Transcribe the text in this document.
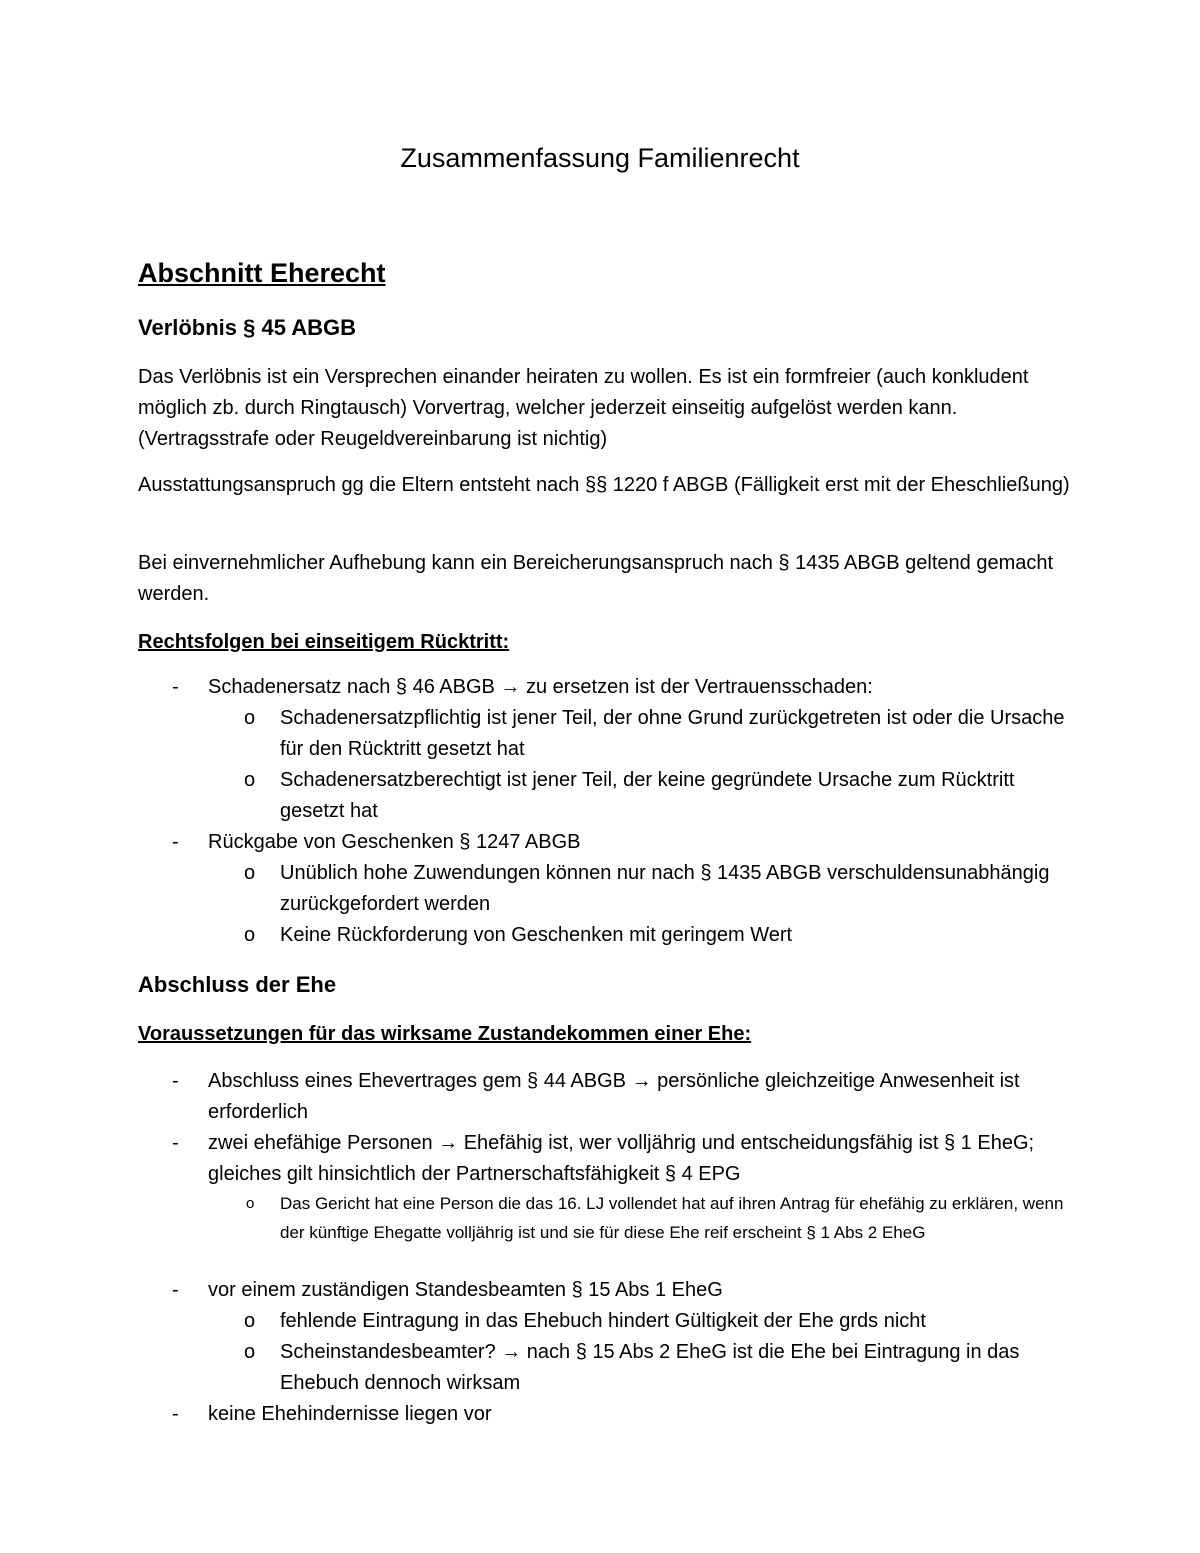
Zusammenfassung Familienrecht
Abschnitt Eherecht
Verlöbnis § 45 ABGB
Das Verlöbnis ist ein Versprechen einander heiraten zu wollen. Es ist ein formfreier (auch konkludent möglich zb. durch Ringtausch) Vorvertrag, welcher jederzeit einseitig aufgelöst werden kann. (Vertragsstrafe oder Reugeldvereinbarung ist nichtig)
Ausstattungsanspruch gg die Eltern entsteht nach §§ 1220 f ABGB (Fälligkeit erst mit der Eheschließung)
Bei einvernehmlicher Aufhebung kann ein Bereicherungsanspruch nach § 1435 ABGB geltend gemacht werden.
Rechtsfolgen bei einseitigem Rücktritt:
- Schadenersatz nach § 46 ABGB → zu ersetzen ist der Vertrauensschaden:
o Schadenersatzpflichtig ist jener Teil, der ohne Grund zurückgetreten ist oder die Ursache für den Rücktritt gesetzt hat
o Schadenersatzberechtigt ist jener Teil, der keine gegründete Ursache zum Rücktritt gesetzt hat
- Rückgabe von Geschenken § 1247 ABGB
o Unüblich hohe Zuwendungen können nur nach § 1435 ABGB verschuldensunabhängig zurückgefordert werden
o Keine Rückforderung von Geschenken mit geringem Wert
Abschluss der Ehe
Voraussetzungen für das wirksame Zustandekommen einer Ehe:
- Abschluss eines Ehevertrages gem § 44 ABGB → persönliche gleichzeitige Anwesenheit ist erforderlich
- zwei ehefähige Personen → Ehefähig ist, wer volljährig und entscheidungsfähig ist § 1 EheG; gleiches gilt hinsichtlich der Partnerschaftsfähigkeit § 4 EPG
o Das Gericht hat eine Person die das 16. LJ vollendet hat auf ihren Antrag für ehefähig zu erklären, wenn der künftige Ehegatte volljährig ist und sie für diese Ehe reif erscheint § 1 Abs 2 EheG
- vor einem zuständigen Standesbeamten § 15 Abs 1 EheG
o fehlende Eintragung in das Ehebuch hindert Gültigkeit der Ehe grds nicht
o Scheinstandesbeamter? → nach § 15 Abs 2 EheG ist die Ehe bei Eintragung in das Ehebuch dennoch wirksam
- keine Ehehindernisse liegen vor
